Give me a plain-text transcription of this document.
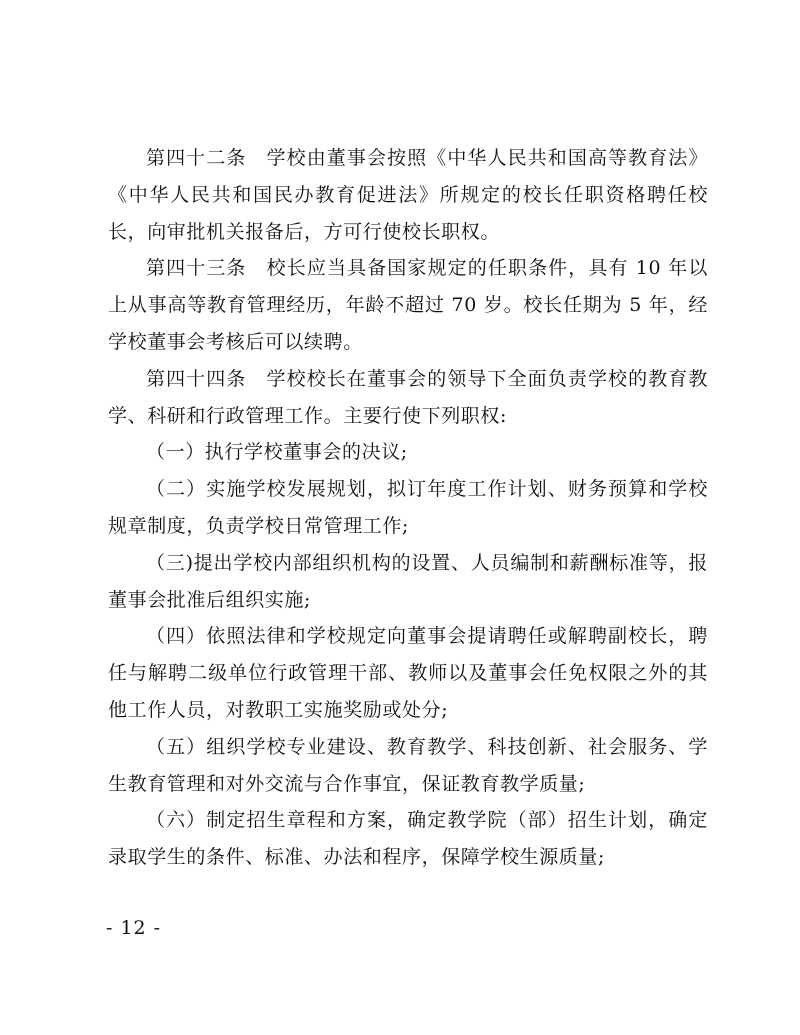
第四十二条　学校由董事会按照《中华人民共和国高等教育法》《中华人民共和国民办教育促进法》所规定的校长任职资格聘任校长，向审批机关报备后，方可行使校长职权。

第四十三条　校长应当具备国家规定的任职条件，具有 10 年以上从事高等教育管理经历，年龄不超过 70 岁。校长任期为 5 年，经学校董事会考核后可以续聘。

第四十四条　学校校长在董事会的领导下全面负责学校的教育教学、科研和行政管理工作。主要行使下列职权:

（一）执行学校董事会的决议;

（二）实施学校发展规划，拟订年度工作计划、财务预算和学校规章制度，负责学校日常管理工作;

（三)提出学校内部组织机构的设置、人员编制和薪酬标准等，报董事会批准后组织实施;

（四）依照法律和学校规定向董事会提请聘任或解聘副校长，聘任与解聘二级单位行政管理干部、教师以及董事会任免权限之外的其他工作人员，对教职工实施奖励或处分;

（五）组织学校专业建设、教育教学、科技创新、社会服务、学生教育管理和对外交流与合作事宜，保证教育教学质量;

（六）制定招生章程和方案，确定教学院（部）招生计划，确定录取学生的条件、标准、办法和程序，保障学校生源质量;

- 12 -
